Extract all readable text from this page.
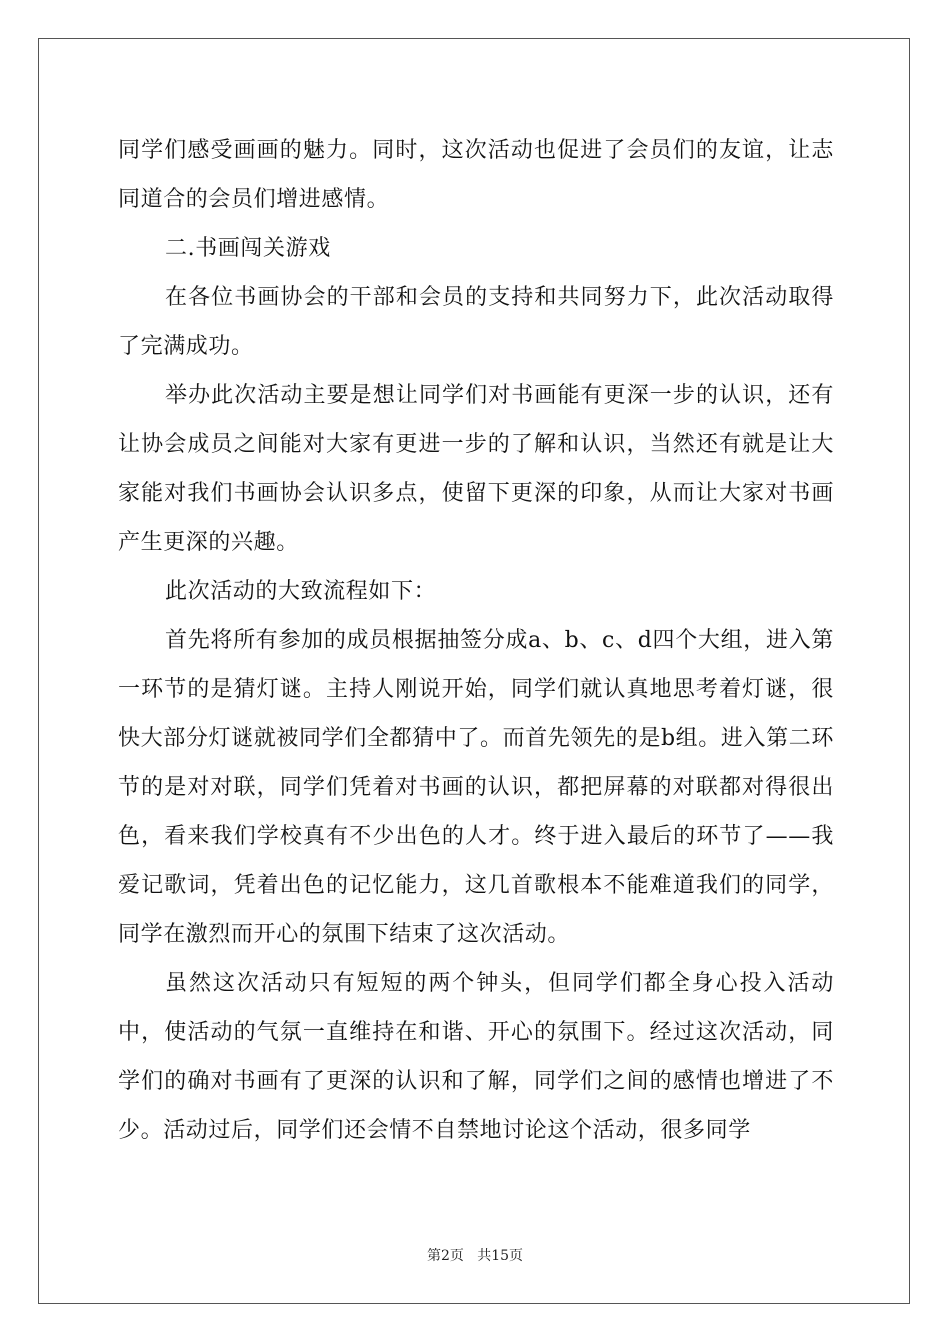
同学们感受画画的魅力。同时，这次活动也促进了会员们的友谊，让志同道合的会员们增进感情。

二.书画闯关游戏

在各位书画协会的干部和会员的支持和共同努力下，此次活动取得了完满成功。

举办此次活动主要是想让同学们对书画能有更深一步的认识，还有让协会成员之间能对大家有更进一步的了解和认识，当然还有就是让大家能对我们书画协会认识多点，使留下更深的印象，从而让大家对书画产生更深的兴趣。

此次活动的大致流程如下：

首先将所有参加的成员根据抽签分成a、b、c、d四个大组，进入第一环节的是猜灯谜。主持人刚说开始，同学们就认真地思考着灯谜，很快大部分灯谜就被同学们全都猜中了。而首先领先的是b组。进入第二环节的是对对联，同学们凭着对书画的认识，都把屏幕的对联都对得很出色，看来我们学校真有不少出色的人才。终于进入最后的环节了——我爱记歌词，凭着出色的记忆能力，这几首歌根本不能难道我们的同学，同学在激烈而开心的氛围下结束了这次活动。

虽然这次活动只有短短的两个钟头，但同学们都全身心投入活动中，使活动的气氛一直维持在和谐、开心的氛围下。经过这次活动，同学们的确对书画有了更深的认识和了解，同学们之间的感情也增进了不少。活动过后，同学们还会情不自禁地讨论这个活动，很多同学

第2页   共15页
